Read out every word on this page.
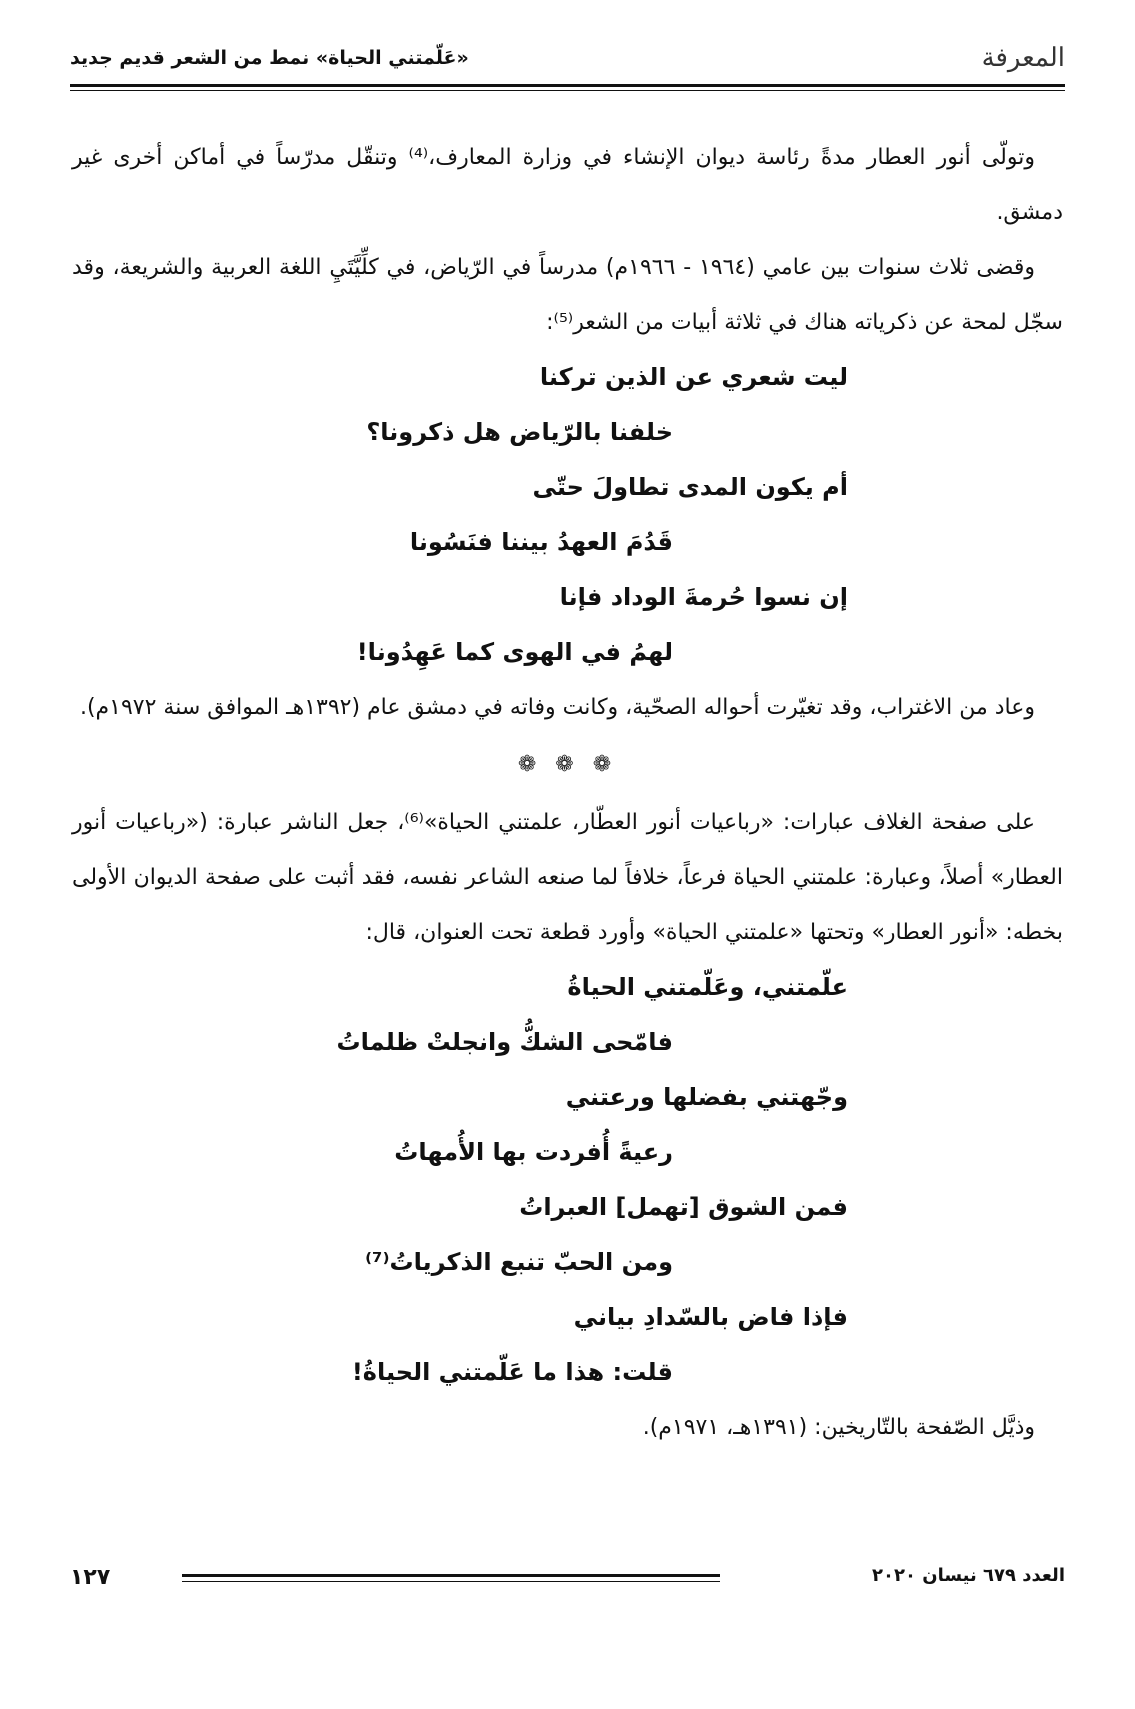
المعرفة
«عَلّمتني الحياة» نمط من الشعر قديم جديد

وتولّى أنور العطار مدةً رئاسة ديوان الإنشاء في وزارة المعارف،⁽⁴⁾ وتنقّل مدرّساً في أماكن أخرى غير دمشق.

وقضى ثلاث سنوات بين عامي (١٩٦٤ - ١٩٦٦م) مدرساً في الرّياض، في كلِّيَّتَيِ اللغة العربية والشريعة، وقد سجّل لمحة عن ذكرياته هناك في ثلاثة أبيات من الشعر⁽⁵⁾:

ليت شعري عن الذين تركنا
خلفنا بالرّياض هل ذكرونا؟
أم يكون المدى تطاولَ حتّى
قَدُمَ العهدُ بيننا فنَسُونا
إن نسوا حُرمةَ الوداد فإنا
لهمُ في الهوى كما عَهِدُونا!

وعاد من الاغتراب، وقد تغيّرت أحواله الصحّية، وكانت وفاته في دمشق عام (١٣٩٢هـ الموافق سنة ١٩٧٢م).

❁ ❁ ❁

على صفحة الغلاف عبارات: «رباعيات أنور العطّار، علمتني الحياة»⁽⁶⁾، جعل الناشر عبارة: («رباعيات أنور العطار» أصلاً، وعبارة: علمتني الحياة فرعاً، خلافاً لما صنعه الشاعر نفسه، فقد أثبت على صفحة الديوان الأولى بخطه: «أنور العطار» وتحتها «علمتني الحياة» وأورد قطعة تحت العنوان، قال:

علّمتني، وعَلّمتني الحياةُ
فامّحى الشكُّ وانجلتْ ظلماتُ
وجّهتني بفضلها ورعتني
رعيةً أُفردت بها الأُمهاتُ
فمن الشوق [تهمل] العبراتُ
ومن الحبّ تنبع الذكرياتُ⁽⁷⁾
فإذا فاض بالسّدادِ بياني
قلت: هذا ما عَلّمتني الحياةُ!

وذيَّل الصّفحة بالتّاريخين: (١٣٩١هـ، ١٩٧١م).

١٢٧	العدد ٦٧٩ نيسان ٢٠٢٠
